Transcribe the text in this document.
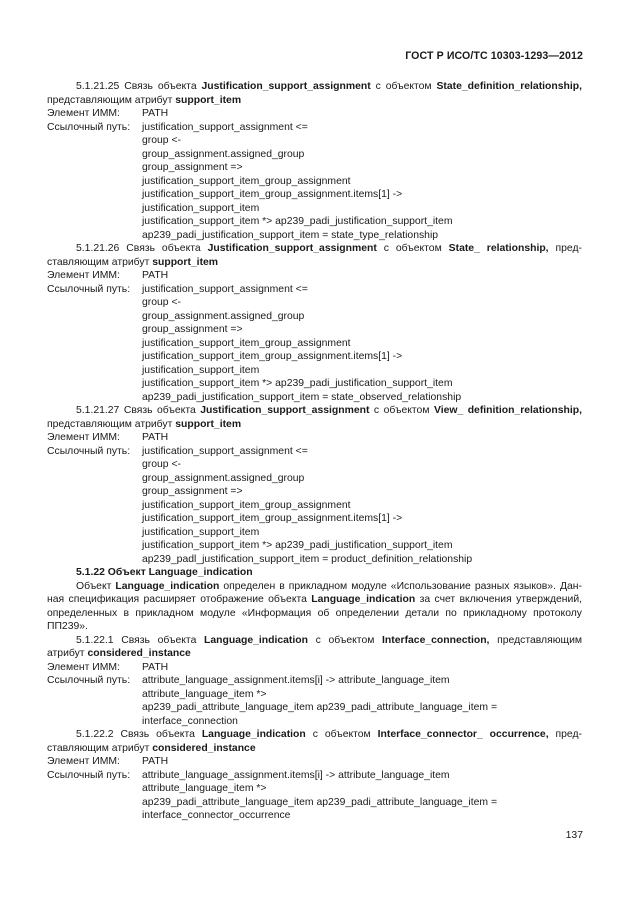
ГОСТ Р ИСО/ТС 10303-1293—2012

5.1.21.25 Связь объекта Justification_support_assignment с объектом State_definition_relationship, представляющим атрибут support_item

Элемент ИММ:	PATH
Ссылочный путь:	justification_support_assignment <=
group <-
group_assignment.assigned_group
group_assignment =>
justification_support_item_group_assignment
justification_support_item_group_assignment.items[1] ->
justification_support_item
justification_support_item *> ap239_padi_justification_support_item
ap239_padi_justification_support_item = state_type_relationship

5.1.21.26 Связь объекта Justification_support_assignment с объектом State_ relationship, пред-ставляющим атрибут support_item

Элемент ИММ:	PATH
Ссылочный путь:	justification_support_assignment <=
group <-
group_assignment.assigned_group
group_assignment =>
justification_support_item_group_assignment
justification_support_item_group_assignment.items[1] ->
justification_support_item
justification_support_item *> ap239_padi_justification_support_item
ap239_padi_justification_support_item = state_observed_relationship

5.1.21.27 Связь объекта Justification_support_assignment с объектом View_ definition_relationship, представляющим атрибут support_item

Элемент ИММ:	PATH
Ссылочный путь:	justification_support_assignment <=
group <-
group_assignment.assigned_group
group_assignment =>
justification_support_item_group_assignment
justification_support_item_group_assignment.items[1] ->
justification_support_item
justification_support_item *> ap239_padi_justification_support_item
ap239_padl_justification_support_item = product_definition_relationship

5.1.22 Объект Language_indication

Объект Language_indication определен в прикладном модуле «Использование разных языков». Дан-ная спецификация расширяет отображение объекта Language_indication за счет включения утверждений, определенных в прикладном модуле «Информация об определении детали по прикладному протоколу ПП239».

5.1.22.1 Связь объекта Language_indication с объектом Interface_connection, представляющим атрибут considered_instance

Элемент ИММ:	PATH
Ссылочный путь:	attribute_language_assignment.items[i] -> attribute_language_item
attribute_language_item *>
ap239_padi_attribute_language_item ap239_padi_attribute_language_item =
interface_connection

5.1.22.2 Связь объекта Language_indication с объектом Interface_connector_ occurrence, пред-ставляющим атрибут considered_instance

Элемент ИММ:	PATH
Ссылочный путь:	attribute_language_assignment.items[i] -> attribute_language_item
attribute_language_item *>
ap239_padi_attribute_language_item ap239_padi_attribute_language_item =
interface_connector_occurrence
137
